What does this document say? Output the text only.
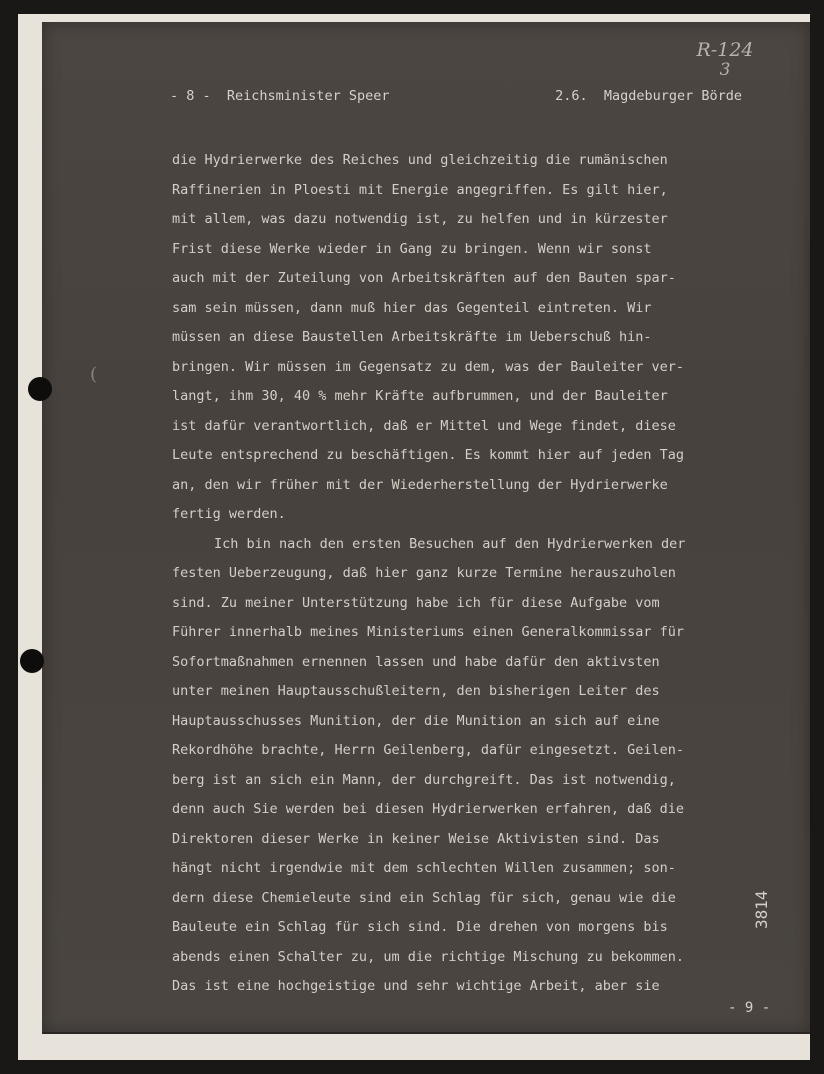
(
R-124
3

- 8 - Reichsminister Speer

	2.6.  Magdeburger Börde

die Hydrierwerke des Reiches und gleichzeitig die rumänischen
Raffinerien in Ploesti mit Energie angegriffen. Es gilt hier,
mit allem, was dazu notwendig ist, zu helfen und in kürzester
Frist diese Werke wieder in Gang zu bringen. Wenn wir sonst
auch mit der Zuteilung von Arbeitskräften auf den Bauten spar-
sam sein müssen, dann muß hier das Gegenteil eintreten. Wir
müssen an diese Baustellen Arbeitskräfte im Ueberschuß hin-
bringen. Wir müssen im Gegensatz zu dem, was der Bauleiter ver-
langt, ihm 30, 40 % mehr Kräfte aufbrummen, und der Bauleiter
ist dafür verantwortlich, daß er Mittel und Wege findet, diese
Leute entsprechend zu beschäftigen. Es kommt hier auf jeden Tag
an, den wir früher mit der Wiederherstellung der Hydrierwerke
fertig werden.
Ich bin nach den ersten Besuchen auf den Hydrierwerken der
festen Ueberzeugung, daß hier ganz kurze Termine herauszuholen
sind. Zu meiner Unterstützung habe ich für diese Aufgabe vom
Führer innerhalb meines Ministeriums einen Generalkommissar für
Sofortmaßnahmen ernennen lassen und habe dafür den aktivsten
unter meinen Hauptausschußleitern, den bisherigen Leiter des
Hauptausschusses Munition, der die Munition an sich auf eine
Rekordhöhe brachte, Herrn Geilenberg, dafür eingesetzt. Geilen-
berg ist an sich ein Mann, der durchgreift. Das ist notwendig,
denn auch Sie werden bei diesen Hydrierwerken erfahren, daß die
Direktoren dieser Werke in keiner Weise Aktivisten sind. Das
hängt nicht irgendwie mit dem schlechten Willen zusammen; son-
dern diese Chemieleute sind ein Schlag für sich, genau wie die
Bauleute ein Schlag für sich sind. Die drehen von morgens bis
abends einen Schalter zu, um die richtige Mischung zu bekommen.
Das ist eine hochgeistige und sehr wichtige Arbeit, aber sie
- 9 -
3814
